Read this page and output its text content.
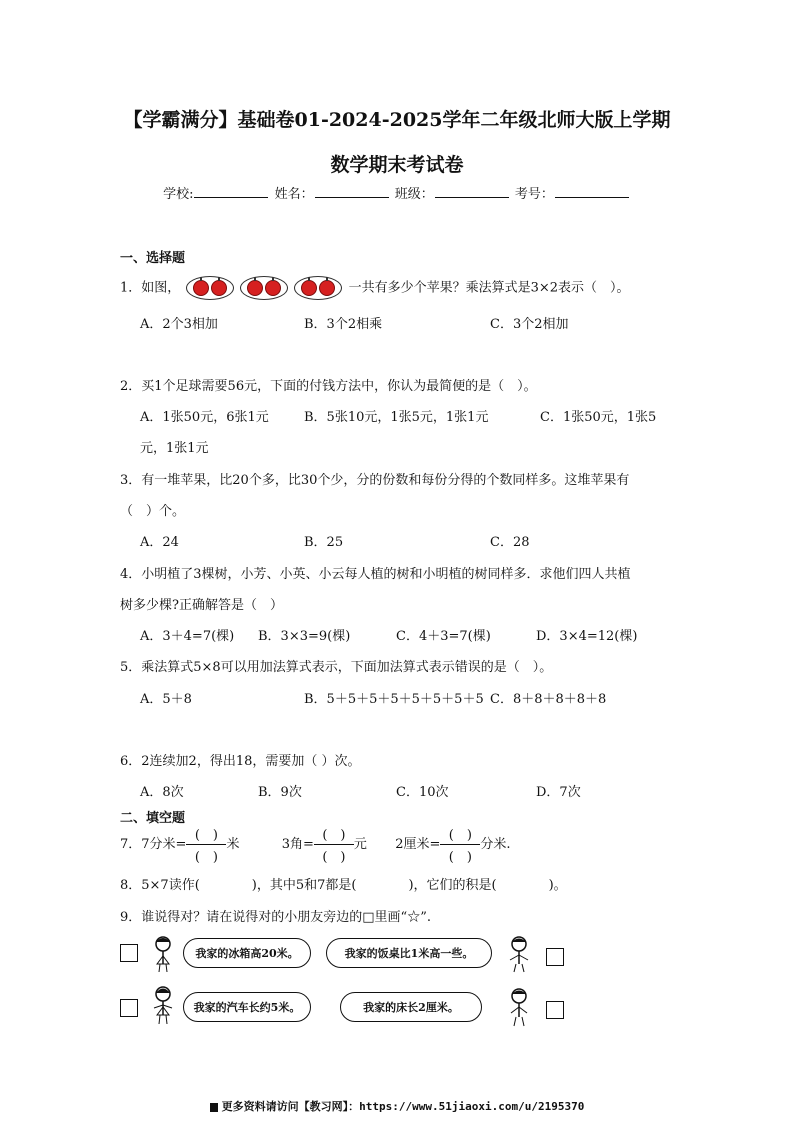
【学霸满分】基础卷01-2024-2025学年二年级北师大版上学期
数学期末考试卷
学校:	姓名：	班级：	考号：
一、选择题
1．如图，	一共有多少个苹果？乘法算式是3×2表示（　）。
A．2个3相加	B．3个2相乘	C．3个2相加
2．买1个足球需要56元，下面的付钱方法中，你认为最简便的是（　）。
A．1张50元，6张1元	B．5张10元，1张5元，1张1元	C．1张50元，1张5
元，1张1元
3．有一堆苹果，比20个多，比30个少，分的份数和每份分得的个数同样多。这堆苹果有
（　）个。
A．24	B．25	C．28
4．小明植了3棵树，小芳、小英、小云每人植的树和小明植的树同样多．求他们四人共植
树多少棵?正确解答是（　）
A．3＋4=7(棵) B．3×3=9(棵)	C．4＋3=7(棵)	D．3×4=12(棵)
5．乘法算式5×8可以用加法算式表示，下面加法算式表示错误的是（　）。
A．5＋8	B．5＋5＋5＋5＋5＋5＋5＋5 C．8＋8＋8＋8＋8
6．2连续加2，得出18，需要加（ ）次。
A．8次	B．9次	C．10次	D．7次
二、填空题
7．7分米=
(　)
(　)
米	3角=
(　)
(　)
元 2厘米=
(　)
(　)
分米.
8．5×7读作(　　　　)，其中5和7都是(　　　　)，它们的积是(　　　　)。
9．谁说得对？请在说得对的小朋友旁边的□里画“☆”.
我家的冰箱高20米。	我家的饭桌比1米高一些。
我家的汽车长约5米。	我家的床长2厘米。
更多资料请访问【教习网】：https://www.51jiaoxi.com/u/2195370
